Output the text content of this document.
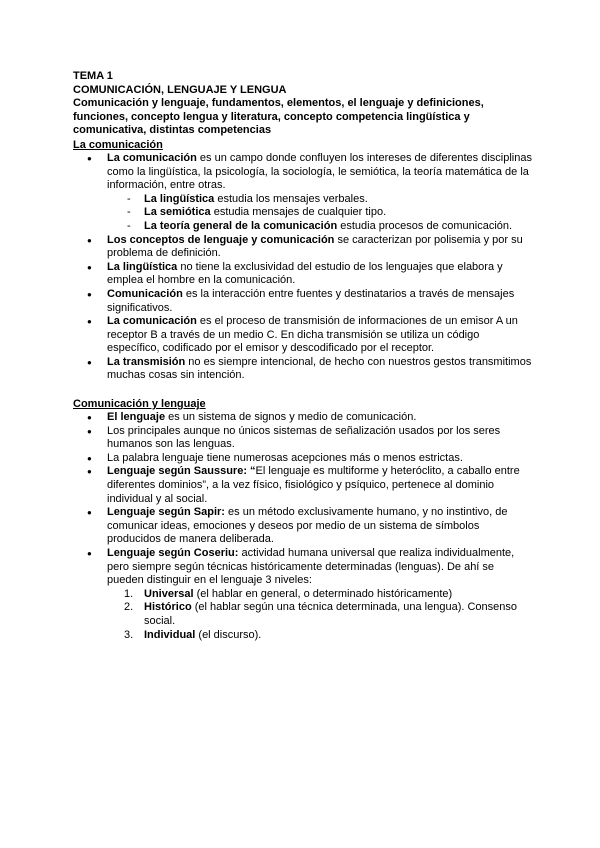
TEMA 1
COMUNICACIÓN, LENGUAJE Y LENGUA
Comunicación y lenguaje, fundamentos, elementos, el lenguaje y definiciones, funciones, concepto lengua y literatura, concepto competencia lingüística y comunicativa, distintas competencias
La comunicación
● La comunicación es un campo donde confluyen los intereses de diferentes disciplinas como la lingüística, la psicología, la sociología, le semiótica, la teoría matemática de la información, entre otras.
- La lingüística estudia los mensajes verbales.
- La semiótica estudia mensajes de cualquier tipo.
- La teoría general de la comunicación estudia procesos de comunicación.
● Los conceptos de lenguaje y comunicación se caracterizan por polisemia y por su problema de definición.
● La lingüística no tiene la exclusividad del estudio de los lenguajes que elabora y emplea el hombre en la comunicación.
● Comunicación es la interacción entre fuentes y destinatarios a través de mensajes significativos.
● La comunicación es el proceso de transmisión de informaciones de un emisor A un receptor B a través de un medio C. En dicha transmisión se utiliza un código específico, codificado por el emisor y descodificado por el receptor.
● La transmisión no es siempre intencional, de hecho con nuestros gestos transmitimos muchas cosas sin intención.
Comunicación y lenguaje
● El lenguaje es un sistema de signos y medio de comunicación.
● Los principales aunque no únicos sistemas de señalización usados por los seres humanos son las lenguas.
● La palabra lenguaje tiene numerosas acepciones más o menos estrictas.
● Lenguaje según Saussure: “El lenguaje es multiforme y heteróclito, a caballo entre diferentes dominios”, a la vez físico, fisiológico y psíquico, pertenece al dominio individual y al social.
● Lenguaje según Sapir: es un método exclusivamente humano, y no instintivo, de comunicar ideas, emociones y deseos por medio de un sistema de símbolos producidos de manera deliberada.
● Lenguaje según Coseriu: actividad humana universal que realiza individualmente, pero siempre según técnicas históricamente determinadas (lenguas). De ahí se pueden distinguir en el lenguaje 3 niveles:
1. Universal (el hablar en general, o determinado históricamente)
2. Histórico (el hablar según una técnica determinada, una lengua). Consenso social.
3. Individual (el discurso).
